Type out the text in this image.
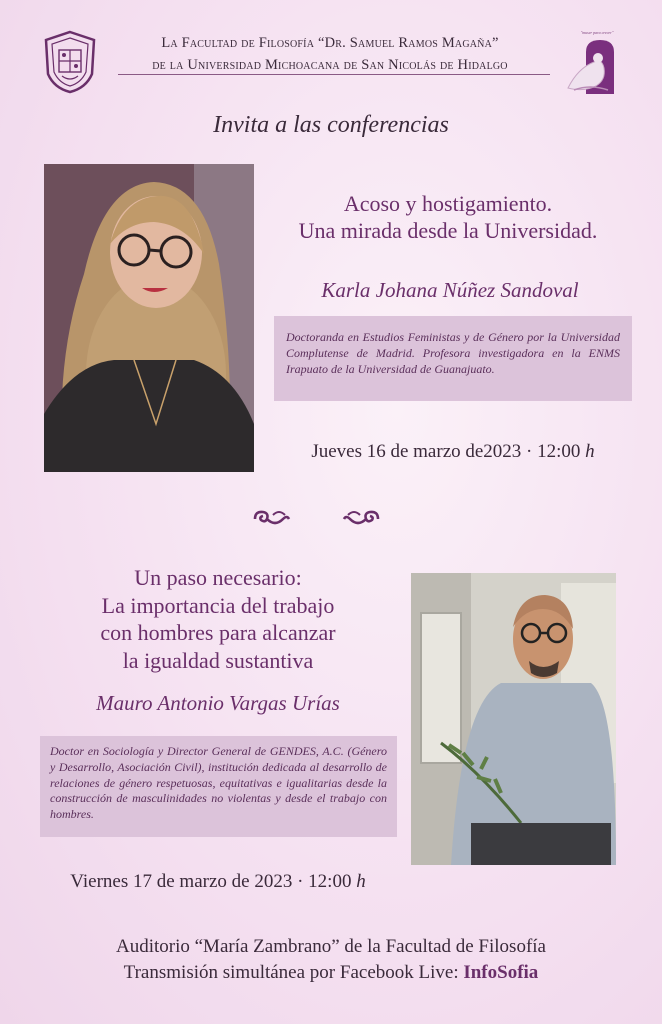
La Facultad de Filosofía “Dr. Samuel Ramos Magaña”
de la Universidad Michoacana de San Nicolás de Hidalgo
"muser para crecer"
Invita a las conferencias
Acoso y hostigamiento.
Una mirada desde la Universidad.
Karla Johana Núñez Sandoval
Doctoranda en Estudios Feministas y de Género por la Universidad Complutense de Madrid. Profesora investigadora en la ENMS Irapuato de la Universidad de Guanajuato.
Jueves 16 de marzo de2023 · 12:00 h
Un paso necesario:
La importancia del trabajo
con hombres para alcanzar
la igualdad sustantiva
Mauro Antonio Vargas Urías
Doctor en Sociología y Director General de GENDES, A.C. (Género y Desarrollo, Asociación Civil), institución dedicada al desarrollo de relaciones de género respetuosas, equitativas e igualitarias desde la construcción de masculinidades no violentas y desde el trabajo con hombres.
Viernes 17 de marzo de 2023 · 12:00 h
Auditorio “María Zambrano” de la Facultad de Filosofía
Transmisión simultánea por Facebook Live: InfoSofia
